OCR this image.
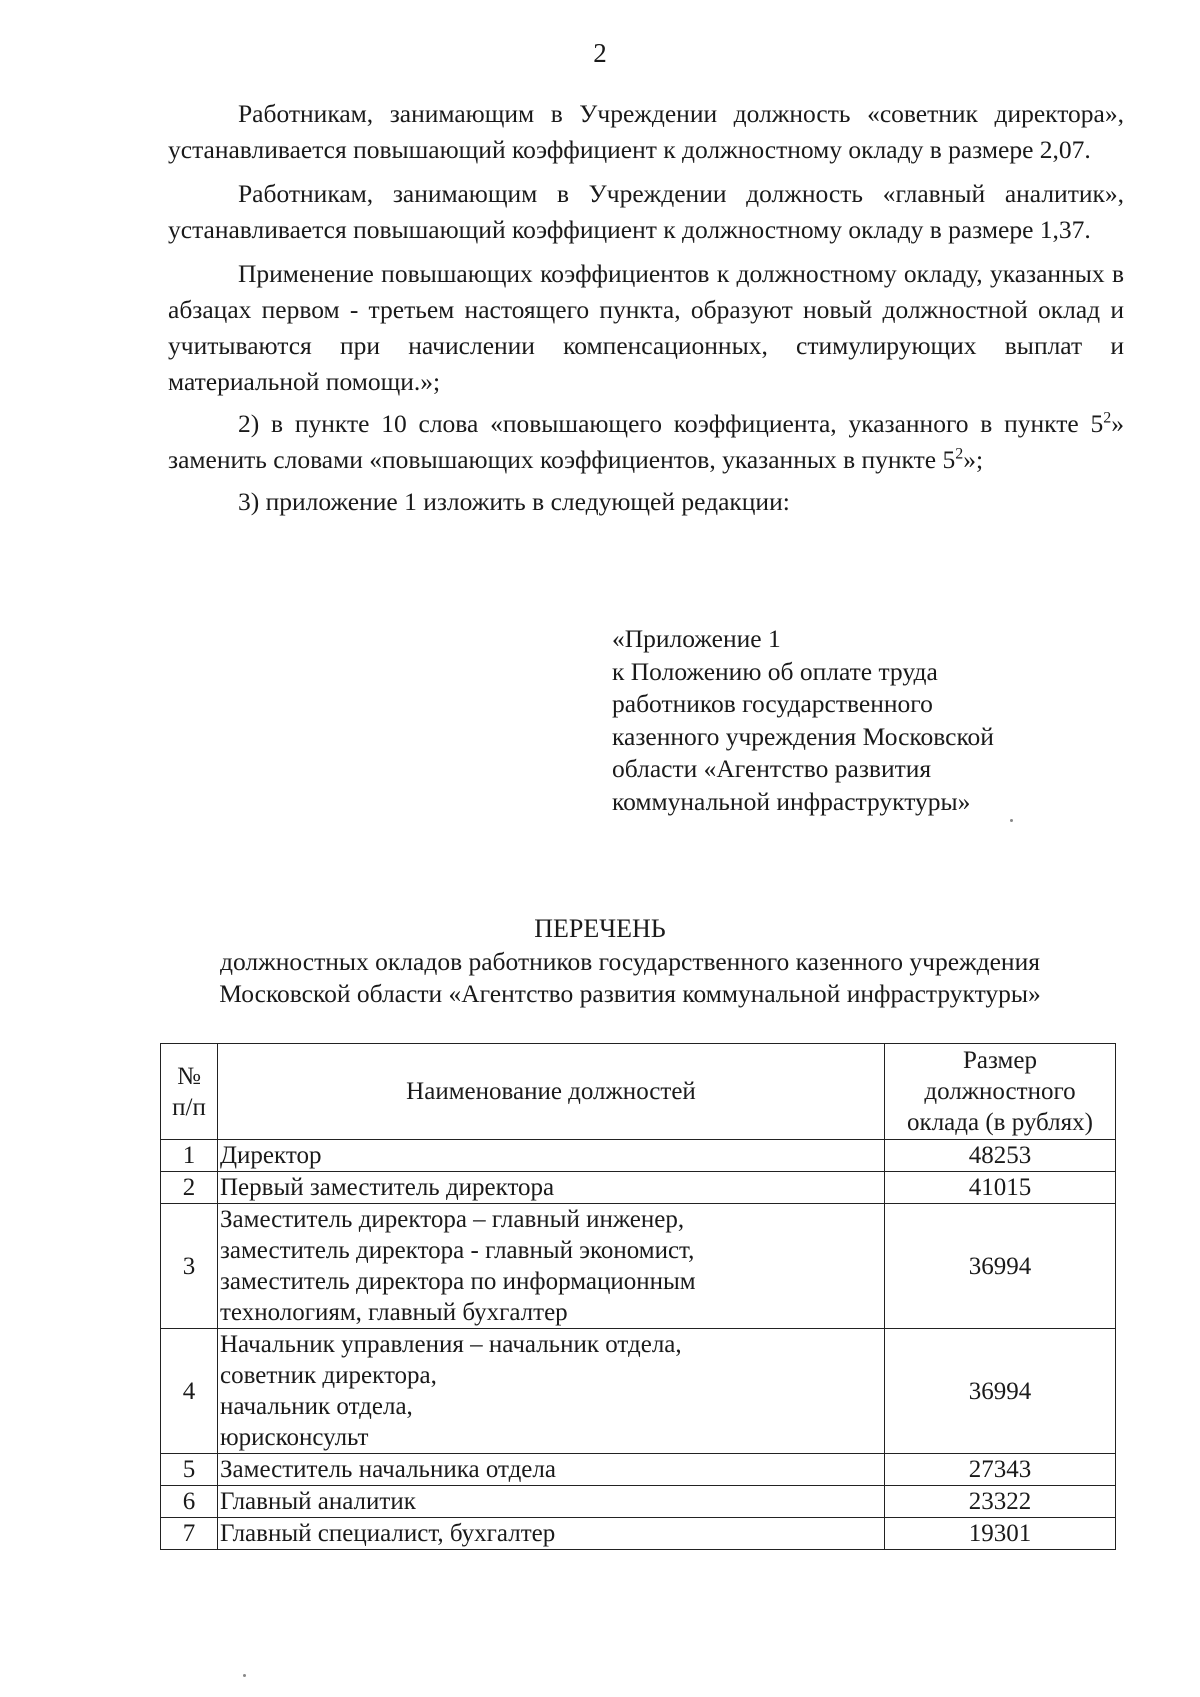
2

Работникам, занимающим в Учреждении должность «советник директора», устанавливается повышающий коэффициент к должностному окладу в размере 2,07.

Работникам, занимающим в Учреждении должность «главный аналитик», устанавливается повышающий коэффициент к должностному окладу в размере 1,37.

Применение повышающих коэффициентов к должностному окладу, указанных в абзацах первом - третьем настоящего пункта, образуют новый должностной оклад и учитываются при начислении компенсационных, стимулирующих выплат и материальной помощи.»;

2) в пункте 10 слова «повышающего коэффициента, указанного в пункте $5^2$» заменить словами «повышающих коэффициентов, указанных в пункте $5^2$»;

3) приложение 1 изложить в следующей редакции:

«Приложение 1
к Положению об оплате труда
работников государственного
казенного учреждения Московской
области «Агентство развития
коммунальной инфраструктуры»
ПЕРЕЧЕНЬ
должностных окладов работников государственного казенного учреждения
Московской области «Агентство развития коммунальной инфраструктуры»
№
п/п	Наименование должностей	Размер
должностного
оклада (в рублях)

1	Директор	48253
2	Первый заместитель директора	41015
3	Заместитель директора – главный инженер,
заместитель директора - главный экономист,
заместитель директора по информационным
технологиям, главный бухгалтер	36994
4	Начальник управления – начальник отдела,
советник директора,
начальник отдела,
юрисконсульт	36994
5	Заместитель начальника отдела	27343
6	Главный аналитик	23322
7	Главный специалист, бухгалтер	19301
